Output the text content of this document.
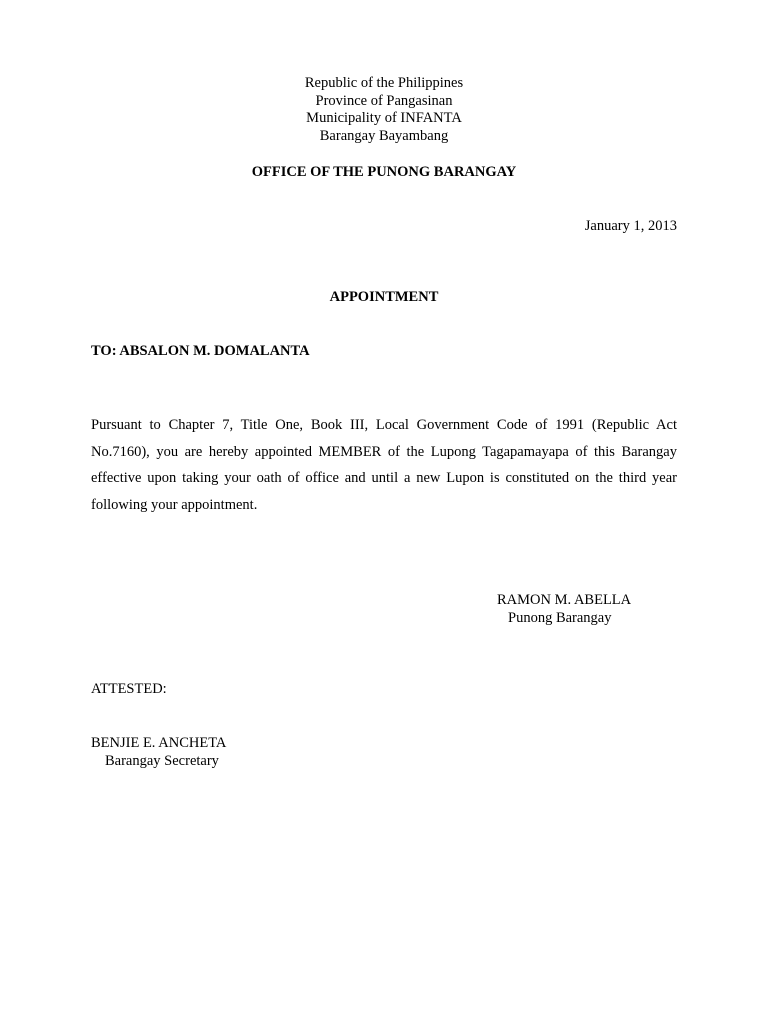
Republic of the Philippines
Province of Pangasinan
Municipality of INFANTA
Barangay Bayambang
OFFICE OF THE PUNONG BARANGAY
January 1, 2013
APPOINTMENT
TO: ABSALON M. DOMALANTA

Pursuant to Chapter 7, Title One, Book III, Local Government Code of 1991 (Republic Act No.7160), you are hereby appointed MEMBER of the Lupong Tagapamayapa of this Barangay effective upon taking your oath of office and until a new Lupon is constituted on the third year following your appointment.

RAMON M. ABELLA
Punong Barangay
ATTESTED:
BENJIE E. ANCHETA
Barangay Secretary
